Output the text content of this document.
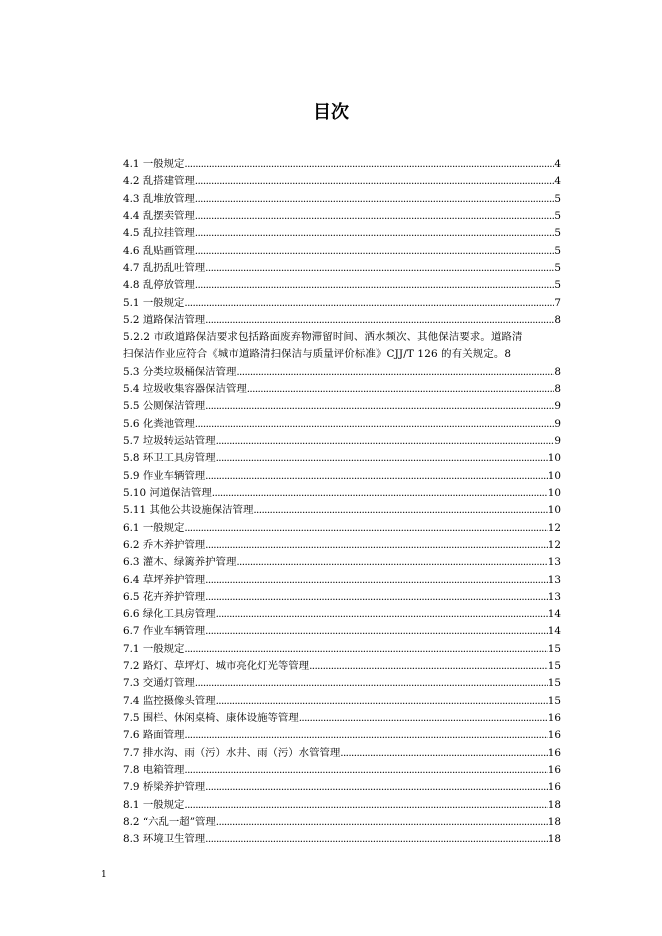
目次
4.1 一般规定 .....	4
4.2 乱搭建管理 .....	4
4.3 乱堆放管理 .....	5
4.4 乱摆卖管理 .....	5
4.5 乱拉挂管理 .....	5
4.6 乱贴画管理 .....	5
4.7 乱扔乱吐管理 .....	5
4.8 乱停放管理 .....	5
5.1 一般规定 .....	7
5.2 道路保洁管理 .....	8
5.2.2 市政道路保洁要求包括路面废弃物滞留时间、洒水频次、其他保洁要求。道路清
扫保洁作业应符合《城市道路清扫保洁与质量评价标准》CJJ/T 126 的有关规定。 8
5.3 分类垃圾桶保洁管理 .....	8
5.4 垃圾收集容器保洁管理 .....	8
5.5 公厕保洁管理 .....	9
5.6 化粪池管理 .....	9
5.7 垃圾转运站管理 .....	9
5.8 环卫工具房管理 .....	10
5.9 作业车辆管理 .....	10
5.10 河道保洁管理 .....	10
5.11 其他公共设施保洁管理 .....	10
6.1 一般规定 .....	12
6.2 乔木养护管理 .....	12
6.3 灌木、绿篱养护管理 .....	13
6.4 草坪养护管理 .....	13
6.5 花卉养护管理 .....	13
6.6 绿化工具房管理 .....	14
6.7 作业车辆管理 .....	14
7.1 一般规定 .....	15
7.2 路灯、草坪灯、城市亮化灯光等管理 .....	15
7.3 交通灯管理 .....	15
7.4 监控摄像头管理 .....	15
7.5 围栏、休闲桌椅、康体设施等管理 .....	16
7.6 路面管理 .....	16
7.7 排水沟、雨（污）水井、雨（污）水管管理 .....	16
7.8 电箱管理 .....	16
7.9 桥梁养护管理 .....	16
8.1 一般规定 .....	18
8.2 “六乱一超”管理 .....	18
8.3 环境卫生管理 .....	18
1
